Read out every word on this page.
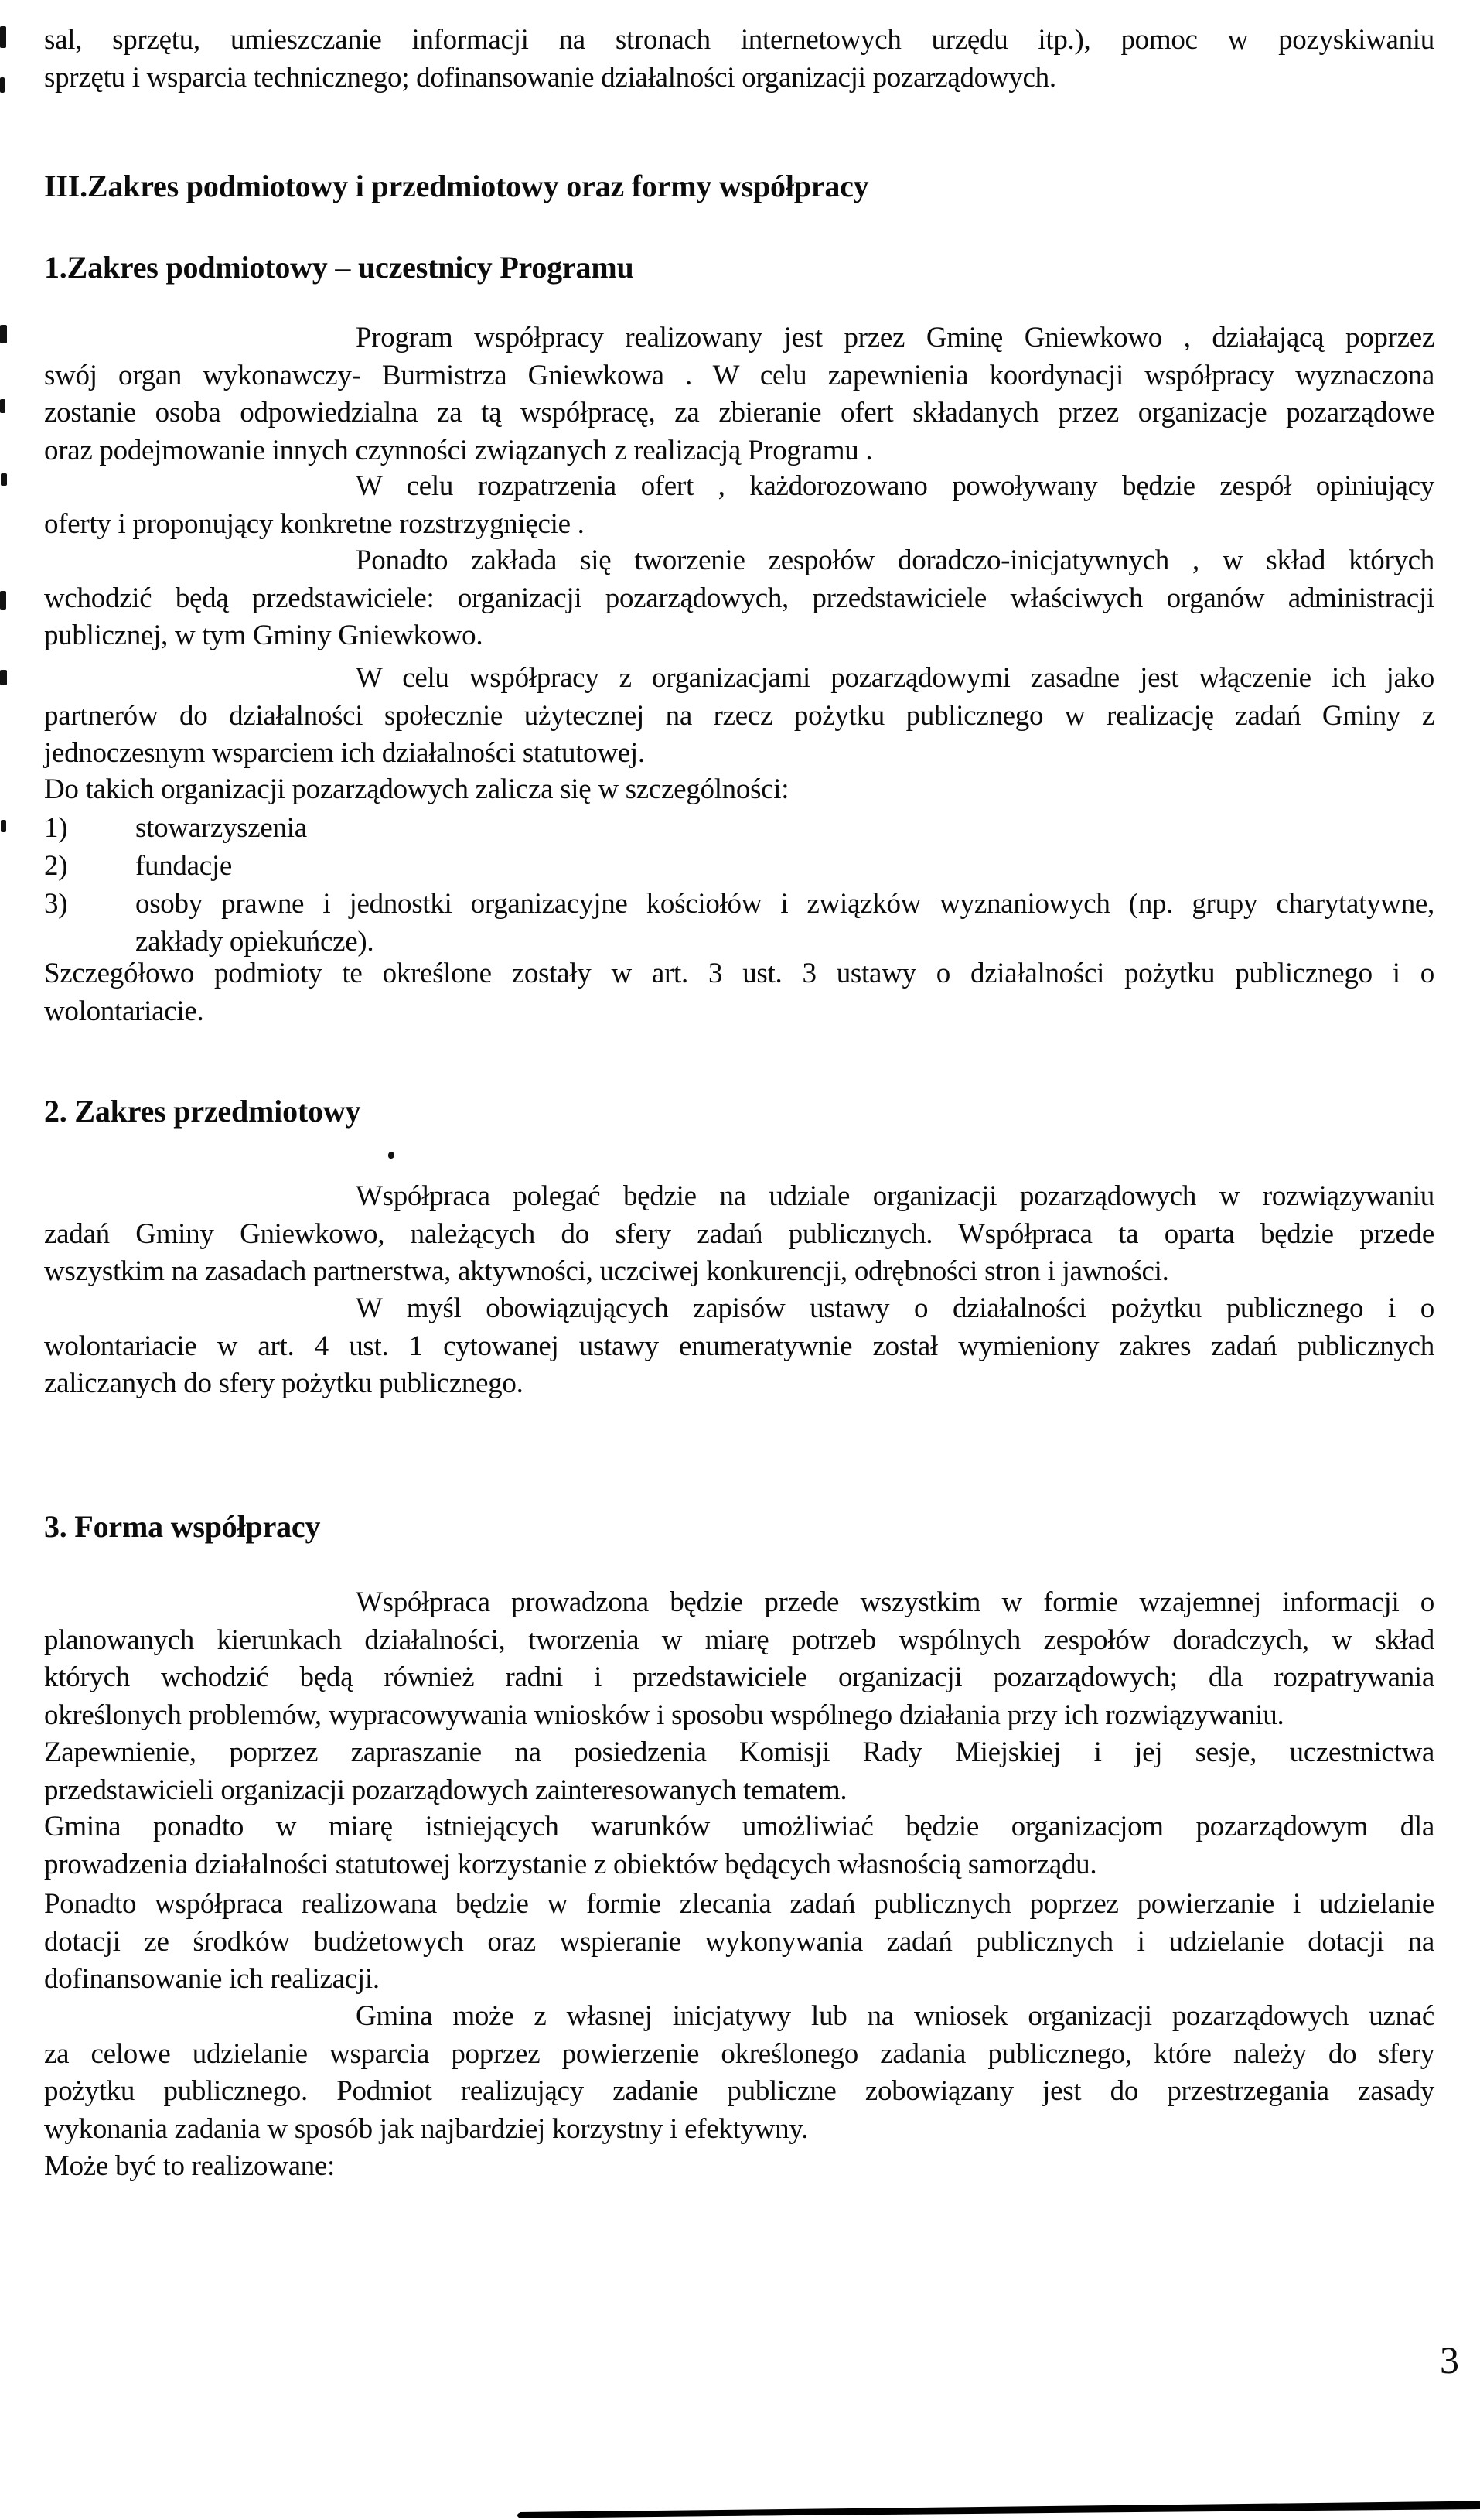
sal, sprzętu, umieszczanie informacji na stronach internetowych urzędu itp.), pomoc w pozyskiwaniu
sprzętu i wsparcia technicznego; dofinansowanie działalności organizacji pozarządowych.

III.Zakres podmiotowy i przedmiotowy oraz formy współpracy
1.Zakres podmiotowy – uczestnicy Programu

Program współpracy realizowany jest przez Gminę Gniewkowo , działającą poprzez
swój organ wykonawczy- Burmistrza Gniewkowa . W celu zapewnienia koordynacji współpracy wyznaczona
zostanie osoba odpowiedzialna za tą współpracę, za zbieranie ofert składanych przez organizacje pozarządowe
oraz podejmowanie innych czynności związanych z realizacją Programu .

W celu rozpatrzenia ofert , każdorozowano powoływany będzie zespół opiniujący
oferty i proponujący konkretne rozstrzygnięcie .

Ponadto zakłada się tworzenie zespołów doradczo-inicjatywnych , w skład których
wchodzić będą przedstawiciele: organizacji pozarządowych, przedstawiciele właściwych organów administracji
publicznej, w tym Gminy Gniewkowo.

W celu współpracy z organizacjami pozarządowymi zasadne jest włączenie ich jako
partnerów do działalności społecznie użytecznej na rzecz pożytku publicznego w realizację zadań Gminy z
jednoczesnym wsparciem ich działalności statutowej.

Do takich organizacji pozarządowych zalicza się w szczególności:

1) stowarzyszenia
2) fundacje
3) osoby prawne i jednostki organizacyjne kościołów i związków wyznaniowych (np. grupy charytatywne,
zakłady opiekuńcze).

Szczegółowo podmioty te określone zostały w art. 3 ust. 3 ustawy o działalności pożytku publicznego i o
wolontariacie.

2. Zakres przedmiotowy

Współpraca polegać będzie na udziale organizacji pozarządowych w rozwiązywaniu
zadań Gminy Gniewkowo, należących do sfery zadań publicznych. Współpraca ta oparta będzie przede
wszystkim na zasadach partnerstwa, aktywności, uczciwej konkurencji, odrębności stron i jawności.

W myśl obowiązujących zapisów ustawy o działalności pożytku publicznego i o
wolontariacie w art. 4 ust. 1 cytowanej ustawy enumeratywnie został wymieniony zakres zadań publicznych
zaliczanych do sfery pożytku publicznego.

3. Forma współpracy

Współpraca prowadzona będzie przede wszystkim w formie wzajemnej informacji o
planowanych kierunkach działalności, tworzenia w miarę potrzeb wspólnych zespołów doradczych, w skład
których wchodzić będą również radni i przedstawiciele organizacji pozarządowych; dla rozpatrywania
określonych problemów, wypracowywania wniosków i sposobu wspólnego działania przy ich rozwiązywaniu.

Zapewnienie, poprzez zapraszanie na posiedzenia Komisji Rady Miejskiej i jej sesje, uczestnictwa
przedstawicieli organizacji pozarządowych zainteresowanych tematem.

Gmina ponadto w miarę istniejących warunków umożliwiać będzie organizacjom pozarządowym dla
prowadzenia działalności statutowej korzystanie z obiektów będących własnością samorządu.

Ponadto współpraca realizowana będzie w formie zlecania zadań publicznych poprzez powierzanie i udzielanie
dotacji ze środków budżetowych oraz wspieranie wykonywania zadań publicznych i udzielanie dotacji na
dofinansowanie ich realizacji.

Gmina może z własnej inicjatywy lub na wniosek organizacji pozarządowych uznać
za celowe udzielanie wsparcia poprzez powierzenie określonego zadania publicznego, które należy do sfery
pożytku publicznego. Podmiot realizujący zadanie publiczne zobowiązany jest do przestrzegania zasady
wykonania zadania w sposób jak najbardziej korzystny i efektywny.

Może być to realizowane:

3
